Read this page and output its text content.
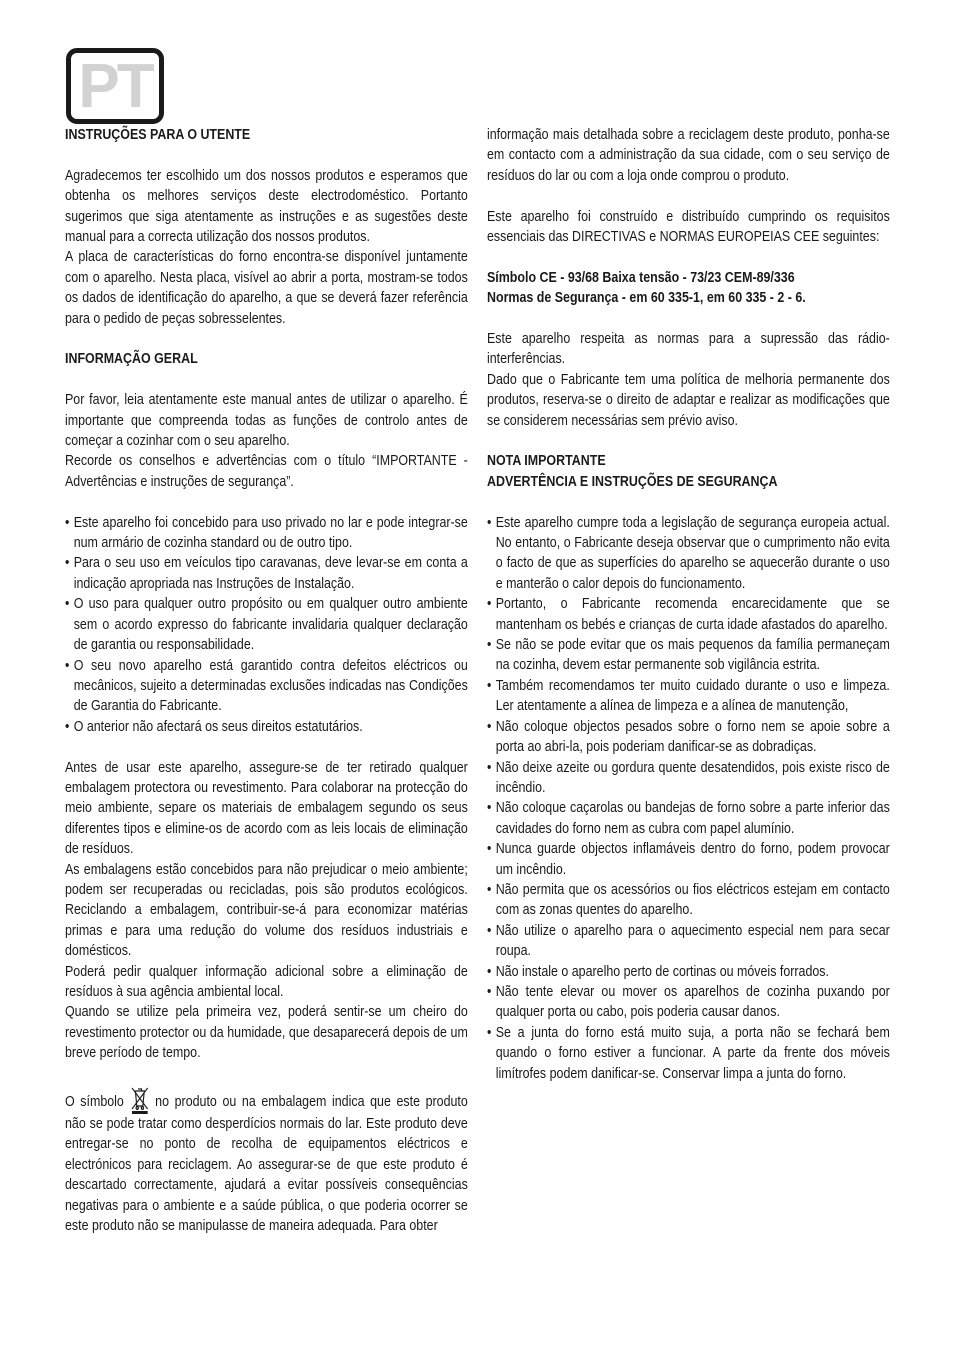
PT

INSTRUÇÕES PARA O UTENTE

Agradecemos ter escolhido um dos nossos produtos e esperamos que obtenha os melhores serviços deste electrodoméstico. Portanto sugerimos que siga atentamente as instruções e as sugestões deste manual para a correcta utilização dos nossos produtos.

A placa de características do forno encontra-se disponível juntamente com o aparelho. Nesta placa, visível ao abrir a porta, mostram-se todos os dados de identificação do aparelho, a que se deverá fazer referência para o pedido de peças sobresselentes.

INFORMAÇÃO GERAL

Por favor, leia atentamente este manual antes de utilizar o aparelho. É importante que compreenda todas as funções de controlo antes de começar a cozinhar com o seu aparelho.

Recorde os conselhos e advertências com o título “IMPORTANTE - Advertências e instruções de segurança”.

• Este aparelho foi concebido para uso privado no lar e pode integrar-se num armário de cozinha standard ou de outro tipo.
• Para o seu uso em veículos tipo caravanas, deve levar-se em conta a indicação apropriada nas Instruções de Instalação.
• O uso para qualquer outro propósito ou em qualquer outro ambiente sem o acordo expresso do fabricante invalidaria qualquer declaração de garantia ou responsabilidade.
• O seu novo aparelho está garantido contra defeitos eléctricos ou mecânicos, sujeito a determinadas exclusões indicadas nas Condições de Garantia do Fabricante.
• O anterior não afectará os seus direitos estatutários.

Antes de usar este aparelho, assegure-se de ter retirado qualquer embalagem protectora ou revestimento. Para colaborar na protecção do meio ambiente, separe os materiais de embalagem segundo os seus diferentes tipos e elimine-os de acordo com as leis locais de eliminação de resíduos.

As embalagens estão concebidos para não prejudicar o meio ambiente; podem ser recuperadas ou recicladas, pois são produtos ecológicos. Reciclando a embalagem, contribuir-se-á para economizar matérias primas e para uma redução do volume dos resíduos industriais e domésticos.

Poderá pedir qualquer informação adicional sobre a eliminação de resíduos à sua agência ambiental local.

Quando se utilize pela primeira vez, poderá sentir-se um cheiro do revestimento protector ou da humidade, que desaparecerá depois de um breve período de tempo.

O símbolo no produto ou na embalagem indica que este produto não se pode tratar como desperdícios normais do lar. Este produto deve entregar-se no ponto de recolha de equipamentos eléctricos e electrónicos para reciclagem. Ao assegurar-se de que este produto é descartado correctamente, ajudará a evitar possíveis consequências negativas para o ambiente e a saúde pública, o que poderia ocorrer se este produto não se manipulasse de maneira adequada. Para obter

informação mais detalhada sobre a reciclagem deste produto, ponha-se em contacto com a administração da sua cidade, com o seu serviço de resíduos do lar ou com a loja onde comprou o produto.

Este aparelho foi construído e distribuído cumprindo os requisitos essenciais das DIRECTIVAS e NORMAS EUROPEIAS CEE seguintes:

Símbolo CE - 93/68 Baixa tensão - 73/23 CEM-89/336

Normas de Segurança - em 60 335-1, em 60 335 - 2 - 6.

Este aparelho respeita as normas para a supressão das rádio-interferências.

Dado que o Fabricante tem uma política de melhoria permanente dos produtos, reserva-se o direito de adaptar e realizar as modificações que se considerem necessárias sem prévio aviso.

NOTA IMPORTANTE

ADVERTÊNCIA E INSTRUÇÕES DE SEGURANÇA

• Este aparelho cumpre toda a legislação de segurança europeia actual. No entanto, o Fabricante deseja observar que o cumprimento não evita o facto de que as superfícies do aparelho se aquecerão durante o uso e manterão o calor depois do funcionamento.
• Portanto, o Fabricante recomenda encarecidamente que se mantenham os bebés e crianças de curta idade afastados do aparelho.
• Se não se pode evitar que os mais pequenos da família permaneçam na cozinha, devem estar permanente sob vigilância estrita.
• Também recomendamos ter muito cuidado durante o uso e limpeza. Ler atentamente a alínea de limpeza e a alínea de manutenção,
• Não coloque objectos pesados sobre o forno nem se apoie sobre a porta ao abri-la, pois poderiam danificar-se as dobradiças.
• Não deixe azeite ou gordura quente desatendidos, pois existe risco de incêndio.
• Não coloque caçarolas ou bandejas de forno sobre a parte inferior das cavidades do forno nem as cubra com papel alumínio.
• Nunca guarde objectos inflamáveis dentro do forno, podem provocar um incêndio.
• Não permita que os acessórios ou fios eléctricos estejam em contacto com as zonas quentes do aparelho.
• Não utilize o aparelho para o aquecimento especial nem para secar roupa.
• Não instale o aparelho perto de cortinas ou móveis forrados.
• Não tente elevar ou mover os aparelhos de cozinha puxando por qualquer porta ou cabo, pois poderia causar danos.
• Se a junta do forno está muito suja, a porta não se fechará bem quando o forno estiver a funcionar. A parte da frente dos móveis limítrofes podem danificar-se. Conservar limpa a junta do forno.
